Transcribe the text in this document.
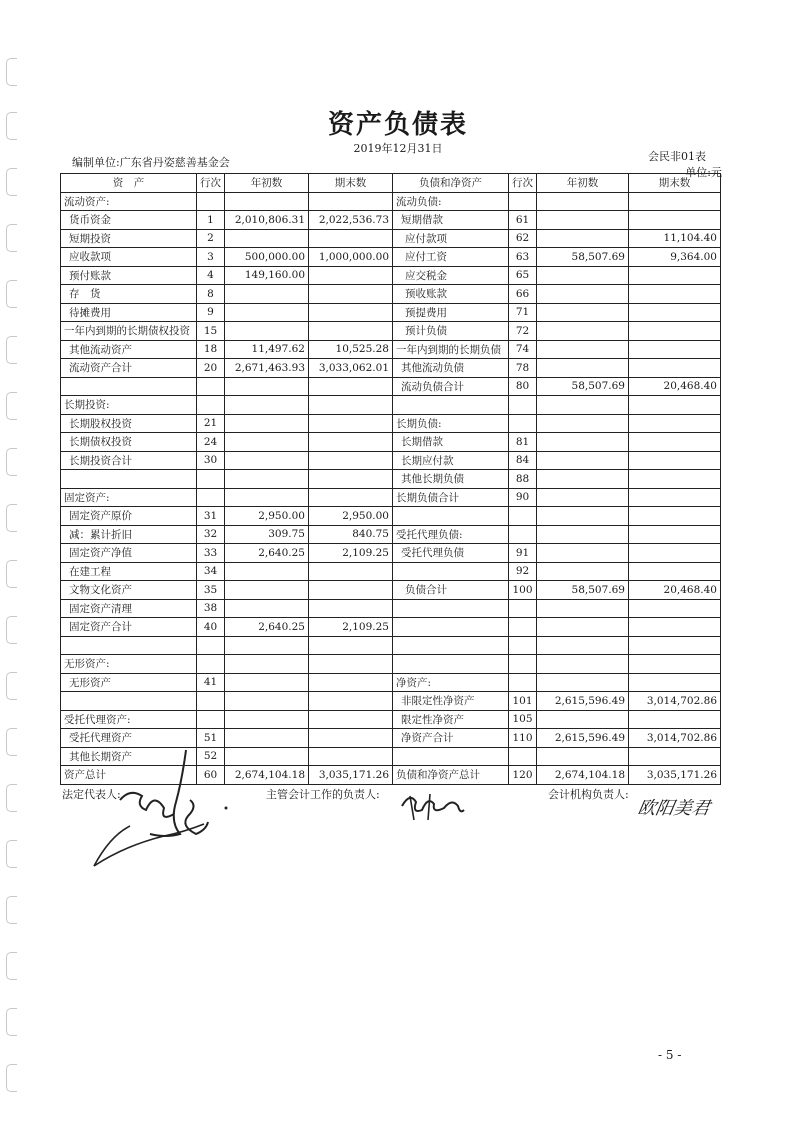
资产负债表
2019年12月31日
会民非01表
编制单位:广东省丹姿慈善基金会
单位:元
资　产	行次	年初数	期末数	负债和净资产	行次	年初数	期末数
流动资产:				流动负债:			
货币资金	1	2,010,806.31	2,022,536.73	短期借款	61		
短期投资	2			应付款项	62		11,104.40
应收款项	3	500,000.00	1,000,000.00	应付工资	63	58,507.69	9,364.00
预付账款	4	149,160.00		应交税金	65		
存　货	8			预收账款	66		
待摊费用	9			预提费用	71		
一年内到期的长期债权投资	15			预计负债	72		
其他流动资产	18	11,497.62	10,525.28	一年内到期的长期负债	74		
流动资产合计	20	2,671,463.93	3,033,062.01	其他流动负债	78		
				流动负债合计	80	58,507.69	20,468.40
长期投资:							
长期股权投资	21			长期负债:			
长期债权投资	24			长期借款	81		
长期投资合计	30			长期应付款	84		
				其他长期负债	88		
固定资产:				长期负债合计	90		
固定资产原价	31	2,950.00	2,950.00				
减：累计折旧	32	309.75	840.75	受托代理负债:			
固定资产净值	33	2,640.25	2,109.25	受托代理负债	91		
在建工程	34				92		
文物文化资产	35			负债合计	100	58,507.69	20,468.40
固定资产清理	38						
固定资产合计	40	2,640.25	2,109.25				

无形资产:							
无形资产	41			净资产:			
				非限定性净资产	101	2,615,596.49	3,014,702.86
受托代理资产:				限定性净资产	105		
受托代理资产	51			净资产合计	110	2,615,596.49	3,014,702.86
其他长期资产	52						
资产总计	60	2,674,104.18	3,035,171.26	负债和净资产总计	120	2,674,104.18	3,035,171.26
法定代表人:	主管会计工作的负责人:	会计机构负责人:
欧阳美君
- 5 -
